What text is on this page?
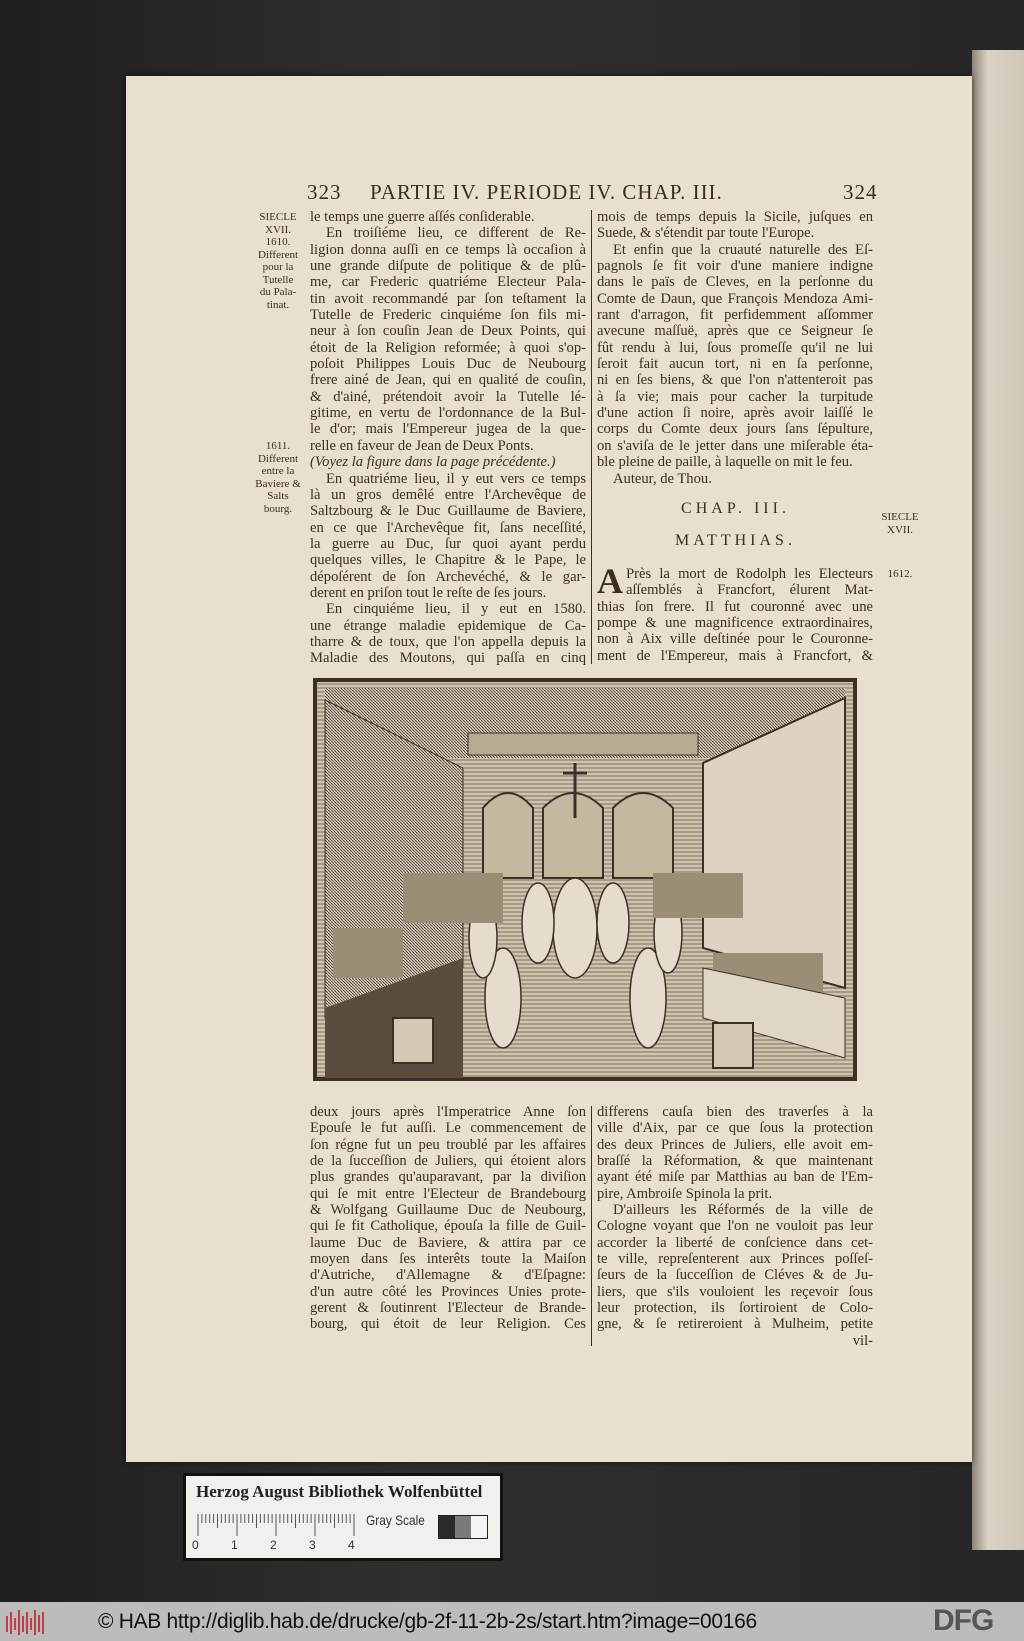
323 PARTIE IV. PERIODE IV. CHAP. III.	324
SIECLE
XVII.
1610.
Different
pour la
Tutelle
du Pala-
tinat.
1611.
Different
entre la
Baviere &
Salts
bourg.
SIECLE
XVII.
1612.
le temps une guerre aſſés conſiderable.
En troiſiéme lieu, ce different de Re-
ligion donna auſſi en ce temps là occaſion à
une grande diſpute de politique & de plû-
me, car Frederic quatriéme Electeur Pala-
tin avoit recommandé par ſon teſtament la
Tutelle de Frederic cinquiéme ſon fils mi-
neur à ſon couſin Jean de Deux Points, qui
étoit de la Religion reformée; à quoi s'op-
poſoit Philippes Louis Duc de Neubourg
frere ainé de Jean, qui en qualité de couſin,
& d'ainé, prétendoit avoir la Tutelle lé-
gitime, en vertu de l'ordonnance de la Bul-
le d'or; mais l'Empereur jugea de la que-
relle en faveur de Jean de Deux Ponts.
(Voyez la figure dans la page précédente.)
En quatriéme lieu, il y eut vers ce temps
là un gros demêlé entre l'Archevêque de
Saltzbourg & le Duc Guillaume de Baviere,
en ce que l'Archevêque fit, ſans neceſſité,
la guerre au Duc, ſur quoi ayant perdu
quelques villes, le Chapitre & le Pape, le
dépoſérent de ſon Archevéché, & le gar-
derent en priſon tout le reſte de ſes jours.
En cinquiéme lieu, il y eut en 1580.
une étrange maladie epidemique de Ca-
tharre & de toux, que l'on appella depuis la
Maladie des Moutons, qui paſſa en cinq
mois de temps depuis la Sicile, juſques en
Suede, & s'étendit par toute l'Europe.
Et enfin que la cruauté naturelle des Eſ-
pagnols ſe fit voir d'une maniere indigne
dans le païs de Cleves, en la perſonne du
Comte de Daun, que François Mendoza Ami-
rant d'arragon, fit perfidemment aſſommer
avecune maſſuë, après que ce Seigneur ſe
fût rendu à lui, ſous promeſſe qu'il ne lui
ſeroit fait aucun tort, ni en ſa perſonne,
ni en ſes biens, & que l'on n'attenteroit pas
à ſa vie; mais pour cacher la turpitude
d'une action ſi noire, après avoir laiſſé le
corps du Comte deux jours ſans ſépulture,
on s'aviſa de le jetter dans une miſerable éta-
ble pleine de paille, à laquelle on mit le feu.
Auteur, de Thou.
CHAP. III.
MATTHIAS.
A Près la mort de Rodolph les Electeurs
aſſemblés à Francfort, élurent Mat-
thias ſon frere. Il fut couronné avec une
pompe & une magnificence extraordinaires,
non à Aix ville deſtinée pour le Couronne-
ment de l'Empereur, mais à Francfort, &
deux jours après l'Imperatrice Anne ſon
Epouſe le fut auſſi. Le commencement de
ſon régne fut un peu troublé par les affaires
de la ſucceſſion de Juliers, qui étoient alors
plus grandes qu'auparavant, par la diviſion
qui ſe mit entre l'Electeur de Brandebourg
& Wolfgang Guillaume Duc de Neubourg,
qui ſe fit Catholique, épouſa la fille de Guil-
laume Duc de Baviere, & attira par ce
moyen dans ſes interêts toute la Maiſon
d'Autriche, d'Allemagne & d'Eſpagne:
d'un autre côté les Provinces Unies prote-
gerent & ſoutinrent l'Electeur de Brande-
bourg, qui étoit de leur Religion. Ces
differens cauſa bien des traverſes à la
ville d'Aix, par ce que ſous la protection
des deux Princes de Juliers, elle avoit em-
braſſé la Réformation, & que maintenant
ayant été miſe par Matthias au ban de l'Em-
pire, Ambroiſe Spinola la prit.
D'ailleurs les Réformés de la ville de
Cologne voyant que l'on ne vouloit pas leur
accorder la liberté de conſcience dans cet-
te ville, repreſenterent aux Princes poſſeſ-
ſeurs de la ſucceſſion de Cléves & de Ju-
liers, que s'ils vouloient les reçevoir ſous
leur protection, ils ſortiroient de Colo-
gne, & ſe retireroient à Mulheim, petite
vil-
Herzog August Bibliothek Wolfenbüttel
0	1	2	3	4
Gray Scale
© HAB http://diglib.hab.de/drucke/gb-2f-11-2b-2s/start.htm?image=00166	DFG
